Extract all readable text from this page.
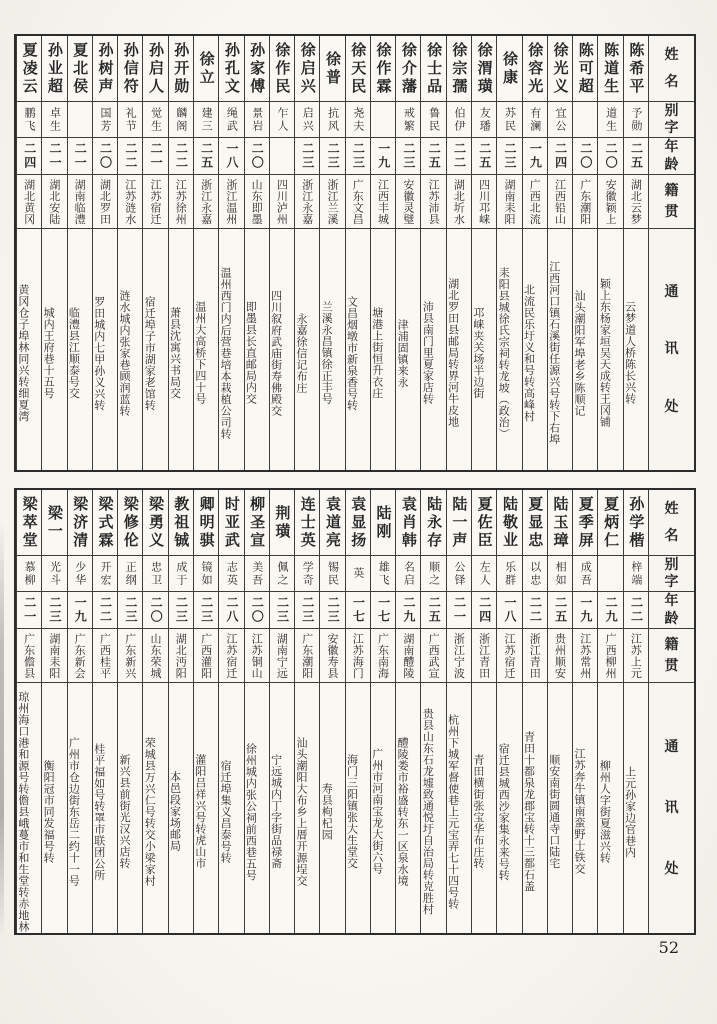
姓
名
别
字
年
龄
籍
贯
通
讯
处
陈希平
予勋
二五
湖北云梦
云梦道人桥陈长兴转
陈道生
道生
二〇
安徽颖上
颖上东杨家垣吴天成转王冈铺
陈可超
二〇
广东潮阳
汕头潮阳军埠老乡陈顺记
徐光义
宜公
二四
江西铅山
江西河口镇石溪街任源兴号转下右埠
徐容光
有澜
一九
广西北流
北流民乐圩义和号转高峰村
徐康
苏民
二三
湖南耒阳
耒阳县城徐氏宗祠转龙坡︵政治︶
徐渭璜
友璠
二五
四川邛崃
邛崃夹关场半边街
徐宗孺
伯伊
二二
湖北圻水
湖北罗田县邮局转界河牛皮地
徐士品
鲁民
二五
江苏沛县
沛县南门里夏家店转
徐介藩
戒繁
二三
安徽灵璧
津浦固镇来永
徐作霖
一九
江西丰城
塘港上街恒升衣庄
徐天民
尧夫
二三
广东文昌
文昌烟墩市新泉香号转
徐普
抗风
二三
浙江兰溪
兰溪永昌镇徐正丰号
徐启兴
启兴
二三
浙江永嘉
永嘉徐信记布庄
徐作民
乍人
四川泸州
四川叙府武庙街寿佛殿交
孙家傅
景岩
二〇
山东即墨
即墨县长直邮局内交
孙孔文
绳武
一八
浙江温州
温州西门内后营巷培本栽植公司转
徐立
建三
二五
浙江永嘉
温州大高桥下四十号
孙开勋
麟阁
二二
江苏徐州
萧县沈寓兴书局交
孙启人
觉生
二一
江苏宿迁
宿迁埠子市湖家老馆转
孙信符
礼节
二二
江苏涟水
涟水城内张家巷顾润蓝转
孙树声
国芳
二〇
湖北罗田
罗田城内七甲孙义兴转
夏北侯
二一
湖南临澧
临澧县江顺泰号交
孙业超
卓生
二一
湖北安陆
城内王府巷十五号
夏凌云
鹏飞
二四
湖北黄冈
黄冈仓子埠林同兴转细夏湾
姓
名
别
字
年
龄
籍
贯
通
讯
处
孙学楷
梓端
二二
江苏上元
上元孙家边官巷内
夏炳仁
二九
广西柳州
柳州人字街夏滋兴转
夏季屏
成吾
一九
江苏常州
江苏奔牛镇南蛮野士铁交
陆玉璋
相如
二五
贵州顺安
顺安南街圆通寺口陆宅
夏显忠
以忠
二二
浙江青田
青田十都泉龙郡宝转十三都石盖
陆敬业
乐群
一八
江苏宿迁
宿迁县城西沙家集永来号转
夏佐臣
左人
二四
浙江青田
青田横街张宝华布庄转
陆一声
公铎
二一
浙江宁波
杭州下城军督使巷上元宝弄七十四号转
陆永存
顺之
二五
广西武宣
贵县山东石龙墟致通悦圩自治局转克胜村
袁肖韩
名启
二九
湖南醴陵
醴陵娄市裕盛转东一区泉水境
陆刚
雄飞
一七
广东南海
广州市河南宝龙大街六号
袁显扬
英
一七
江苏海门
海门三阳镇张大生堂交
袁道亮
锡民
二三
安徽寿县
寿县枸杞园
连士英
学奇
二三
广东潮阳
汕头潮阳大布乡上厝开源埕交
荆璜
佩之
二三
湖南宁远
宁远城内丁字街品禄斋
柳圣宣
美吾
二〇
江苏铜山
徐州城内张公祠前西巷五号
时亚武
志英
二八
江苏宿迁
宿迁埠集义昌泰号转
卿明骐
镜如
二三
广西灌阳
灌阳吕祥兴号转虎山市
教祖铖
成于
二三
湖北沔阳
本邑段家场邮局
梁勇义
忠卫
二〇
山东荣城
荣城县万兴仁号转交小梁家村
梁修伦
正纲
二三
广东新兴
新兴县前街光汉兴店转
梁式霖
开宏
二二
广西桂平
桂平福如号转罩市联团公所
梁济清
少华
一九
广东新会
广州市仓边街东岳二约十一号
梁一
光斗
二三
湖南耒阳
衡阳冠市同发福号转
梁萃堂
慕柳
二一
广东儋县
琼州海口港和源号转儋县峨蔓市和生堂转赤地林
52
